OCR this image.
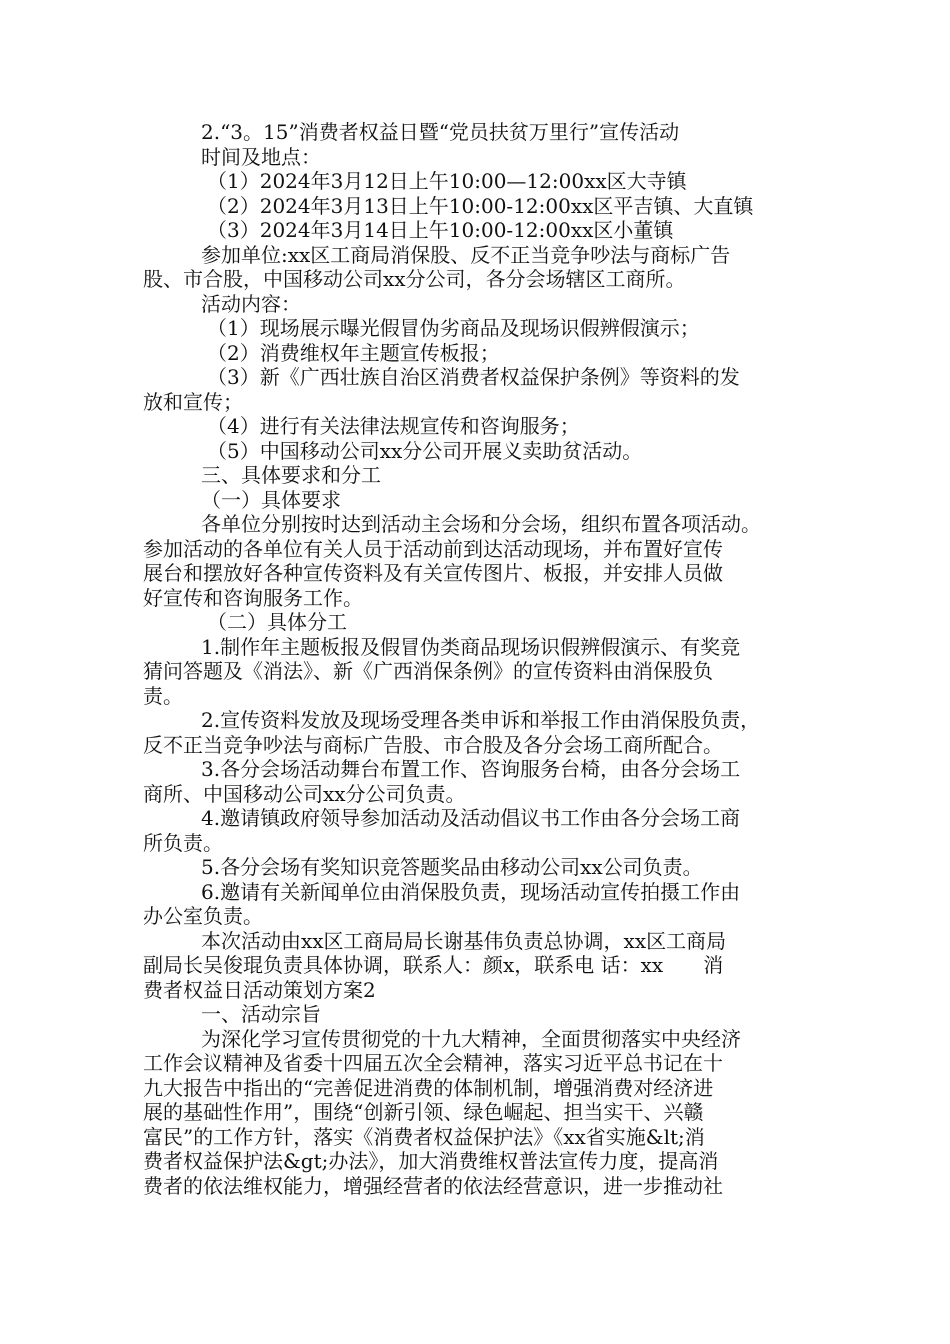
2.“3。15”消费者权益日暨“党员扶贫万里行”宣传活动

时间及地点：

（1）2024年3月12日上午10:00—12:00xx区大寺镇

（2）2024年3月13日上午10:00-12:00xx区平吉镇、大直镇

（3）2024年3月14日上午10:00-12:00xx区小董镇

参加单位:xx区工商局消保股、反不正当竞争吵法与商标广告

股、市合股，中国移动公司xx分公司，各分会场辖区工商所。

活动内容：

（1）现场展示曝光假冒伪劣商品及现场识假辨假演示；

（2）消费维权年主题宣传板报；

（3）新《广西壮族自治区消费者权益保护条例》等资料的发

放和宣传；

（4）进行有关法律法规宣传和咨询服务；

（5）中国移动公司xx分公司开展义卖助贫活动。

三、具体要求和分工

（一）具体要求

各单位分别按时达到活动主会场和分会场，组织布置各项活动。

参加活动的各单位有关人员于活动前到达活动现场，并布置好宣传

展台和摆放好各种宣传资料及有关宣传图片、板报，并安排人员做

好宣传和咨询服务工作。

（二）具体分工

1.制作年主题板报及假冒伪类商品现场识假辨假演示、有奖竞

猜问答题及《消法》、新《广西消保条例》的宣传资料由消保股负

责。

2.宣传资料发放及现场受理各类申诉和举报工作由消保股负责，

反不正当竞争吵法与商标广告股、市合股及各分会场工商所配合。

3.各分会场活动舞台布置工作、咨询服务台椅，由各分会场工

商所、中国移动公司xx分公司负责。

4.邀请镇政府领导参加活动及活动倡议书工作由各分会场工商

所负责。

5.各分会场有奖知识竞答题奖品由移动公司xx公司负责。

6.邀请有关新闻单位由消保股负责，现场活动宣传拍摄工作由

办公室负责。

本次活动由xx区工商局局长谢基伟负责总协调，xx区工商局

副局长吴俊琨负责具体协调，联系人：颜x，联系电 话：xx　　消

费者权益日活动策划方案2

一、活动宗旨

为深化学习宣传贯彻党的十九大精神，全面贯彻落实中央经济

工作会议精神及省委十四届五次全会精神，落实习近平总书记在十

九大报告中指出的“完善促进消费的体制机制，增强消费对经济进

展的基础性作用”，围绕“创新引领、绿色崛起、担当实干、兴赣

富民”的工作方针，落实《消费者权益保护法》《xx省实施&lt;消

费者权益保护法&gt;办法》，加大消费维权普法宣传力度，提高消

费者的依法维权能力，增强经营者的依法经营意识，进一步推动社
